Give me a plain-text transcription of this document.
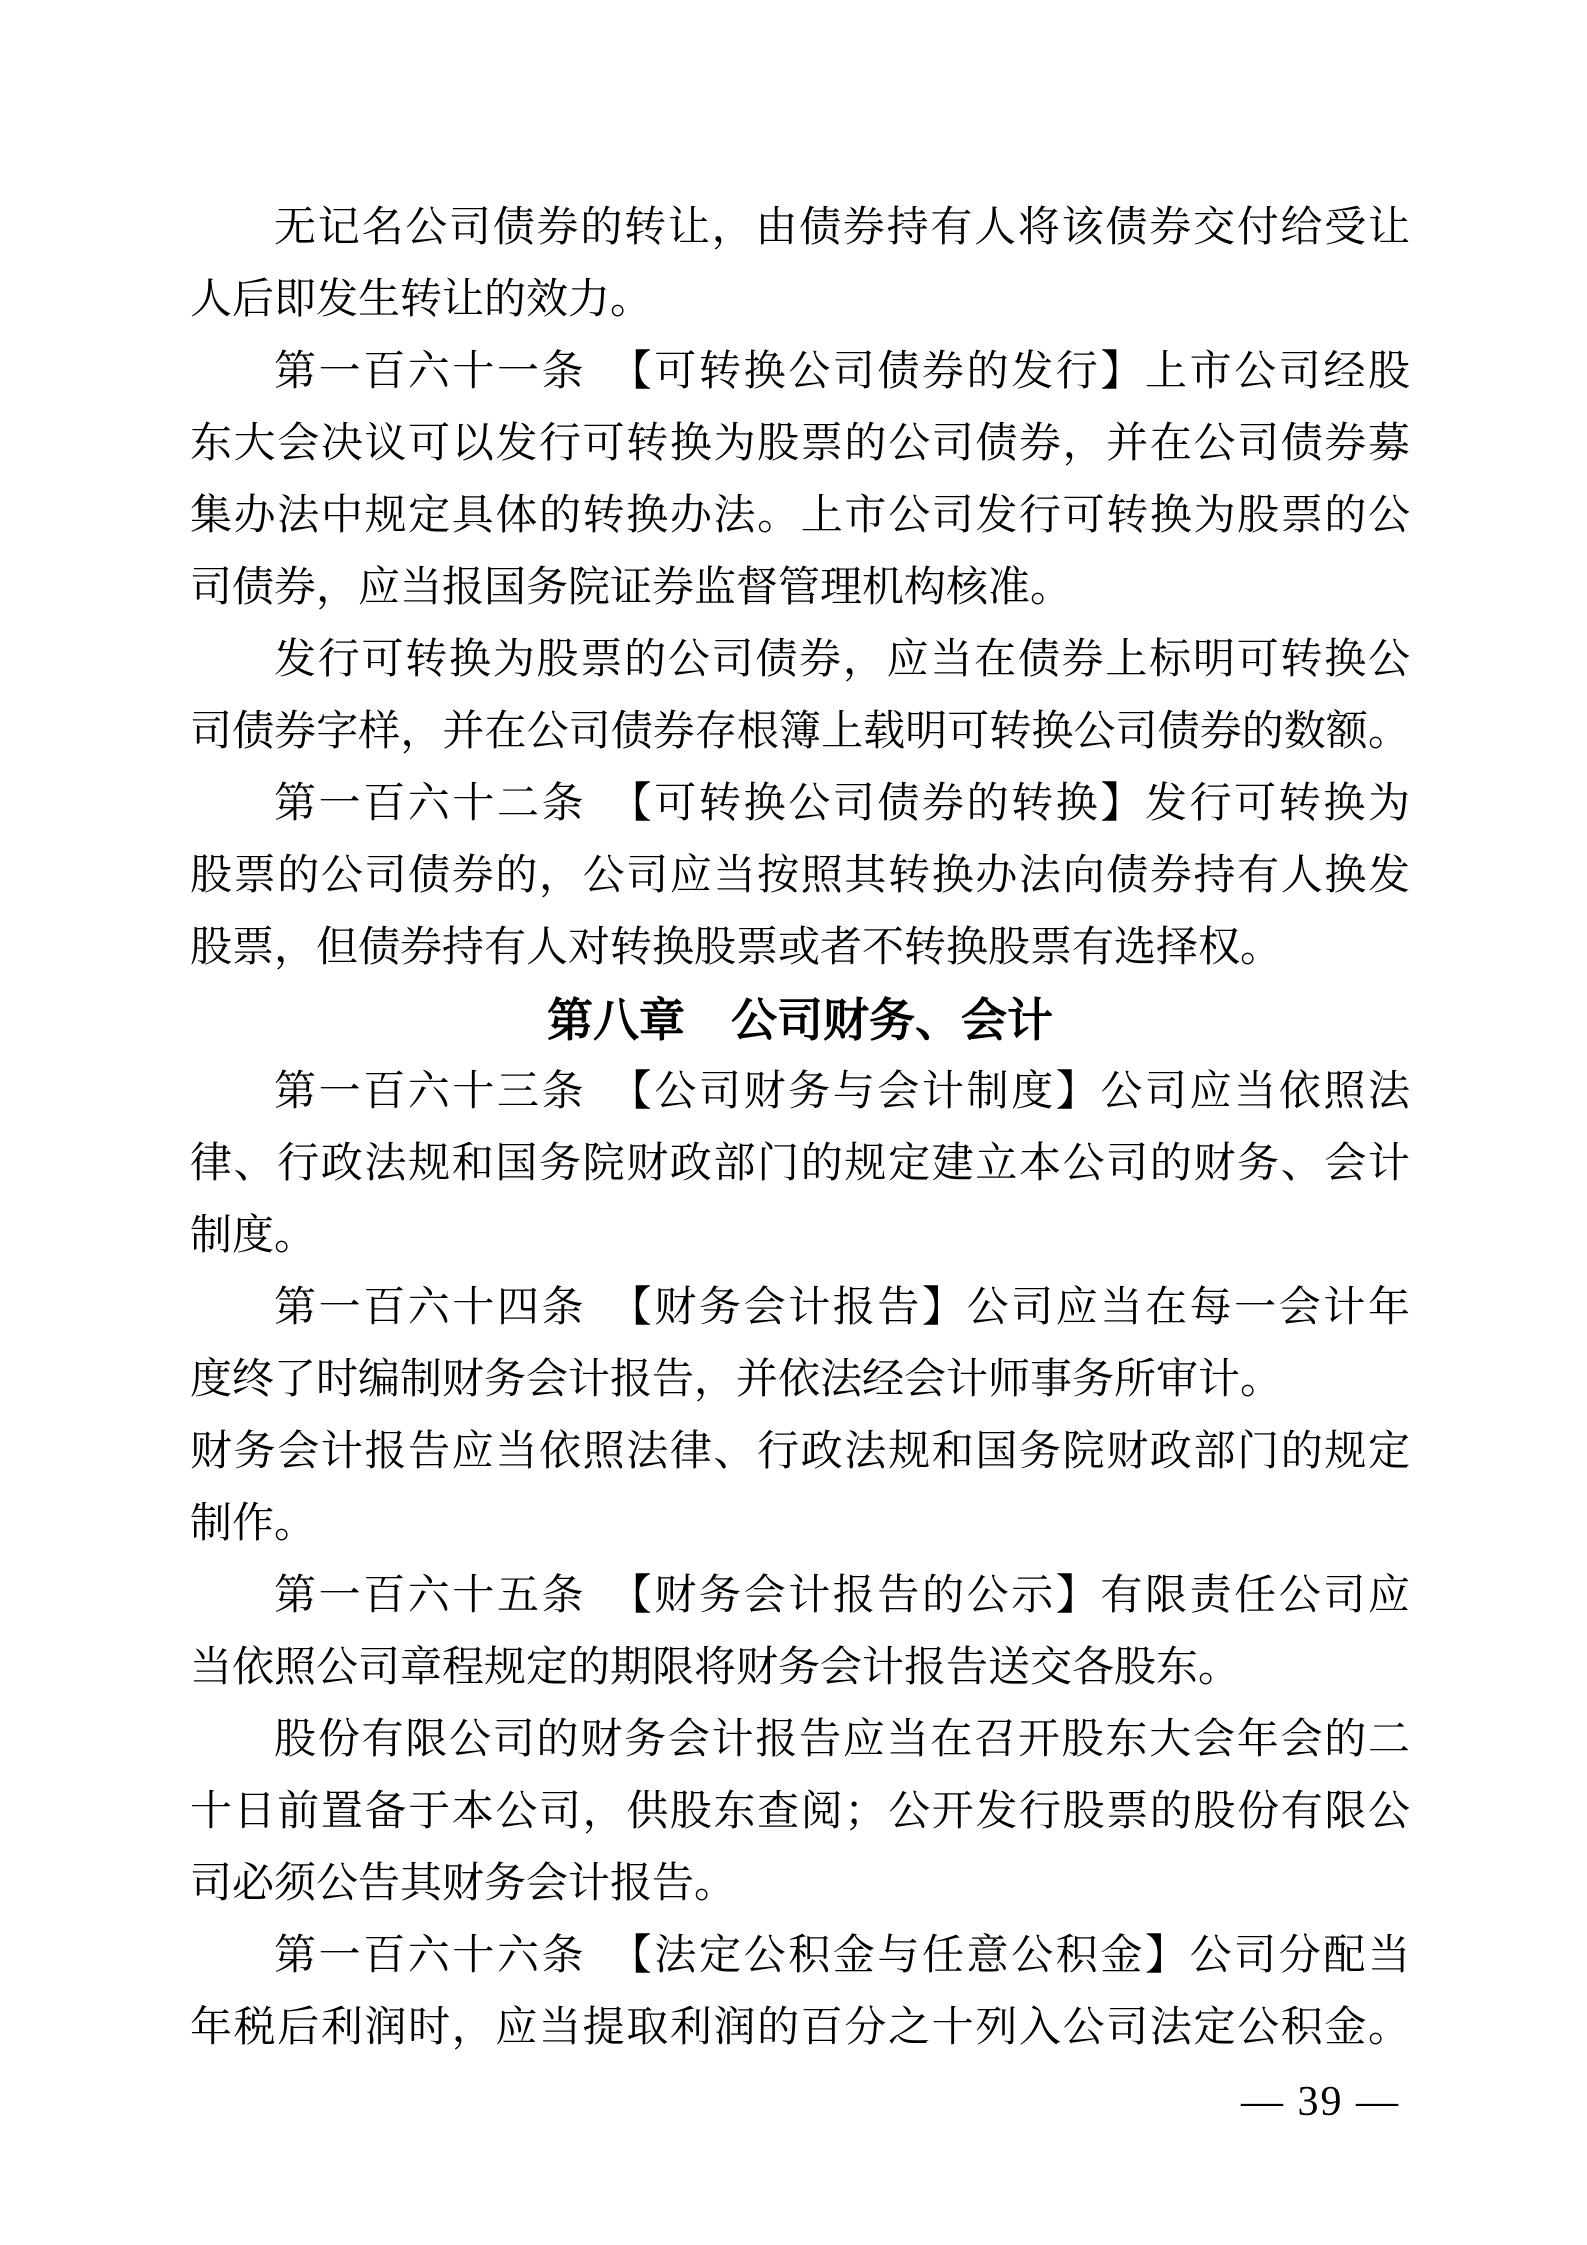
无记名公司债券的转让，由债券持有人将该债券交付给受让
人后即发生转让的效力。
第一百六十一条　【可转换公司债券的发行】上市公司经股
东大会决议可以发行可转换为股票的公司债券，并在公司债券募
集办法中规定具体的转换办法。上市公司发行可转换为股票的公
司债券，应当报国务院证券监督管理机构核准。
发行可转换为股票的公司债券，应当在债券上标明可转换公
司债券字样，并在公司债券存根簿上载明可转换公司债券的数额。
第一百六十二条　【可转换公司债券的转换】发行可转换为
股票的公司债券的，公司应当按照其转换办法向债券持有人换发
股票，但债券持有人对转换股票或者不转换股票有选择权。
第八章　公司财务、会计
第一百六十三条　【公司财务与会计制度】公司应当依照法
律、行政法规和国务院财政部门的规定建立本公司的财务、会计
制度。
第一百六十四条　【财务会计报告】公司应当在每一会计年
度终了时编制财务会计报告，并依法经会计师事务所审计。
财务会计报告应当依照法律、行政法规和国务院财政部门的规定
制作。
第一百六十五条　【财务会计报告的公示】有限责任公司应
当依照公司章程规定的期限将财务会计报告送交各股东。
股份有限公司的财务会计报告应当在召开股东大会年会的二
十日前置备于本公司，供股东查阅；公开发行股票的股份有限公
司必须公告其财务会计报告。
第一百六十六条　【法定公积金与任意公积金】公司分配当
年税后利润时，应当提取利润的百分之十列入公司法定公积金。
— 39 —
